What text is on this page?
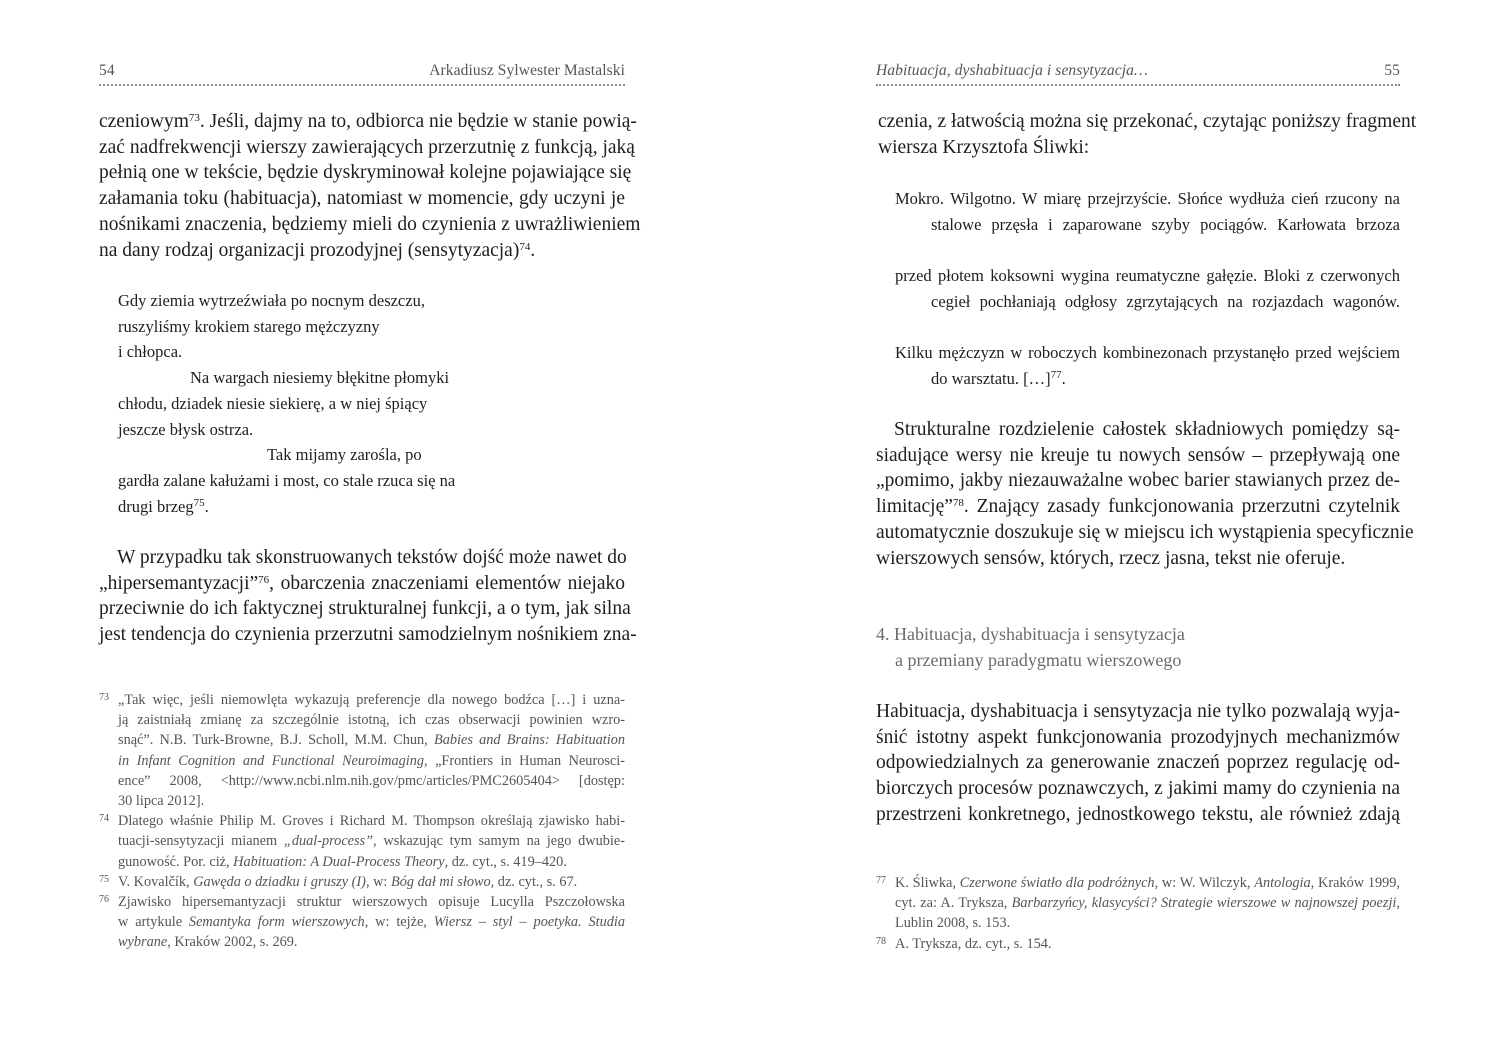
54	Arkadiusz Sylwester Mastalski
czeniowym$^{73}$. Jeśli, dajmy na to, odbiorca nie będzie w stanie powią-
zać nadfrekwencji wierszy zawierających przerzutnię z funkcją, jaką
pełnią one w tekście, będzie dyskryminował kolejne pojawiające się
załamania toku (habituacja), natomiast w momencie, gdy uczyni je
nośnikami znaczenia, będziemy mieli do czynienia z uwrażliwieniem
na dany rodzaj organizacji prozodyjnej (sensytyzacja)$^{74}$.
Gdy ziemia wytrzeźwiała po nocnym deszczu,
ruszyliśmy krokiem starego mężczyzny
i chłopca.
Na wargach niesiemy błękitne płomyki
chłodu, dziadek niesie siekierę, a w niej śpiący
jeszcze błysk ostrza.
Tak mijamy zarośla, po
gardła zalane kałużami i most, co stale rzuca się na
drugi brzeg$^{75}$.
W przypadku tak skonstruowanych tekstów dojść może nawet do
„hipersemantyzacji”$^{76}$, obarczenia znaczeniami elementów niejako
przeciwnie do ich faktycznej strukturalnej funkcji, a o tym, jak silna
jest tendencja do czynienia przerzutni samodzielnym nośnikiem zna-
73 „Tak więc, jeśli niemowlęta wykazują preferencje dla nowego bodźca […] i uzna-
ją zaistniałą zmianę za szczególnie istotną, ich czas obserwacji powinien wzro-
snąć”. N.B. Turk-Browne, B.J. Scholl, M.M. Chun, Babies and Brains: Habituation
in Infant Cognition and Functional Neuroimaging, „Frontiers in Human Neurosci-
ence” 2008, <http://www.ncbi.nlm.nih.gov/pmc/articles/PMC2605404> [dostęp:
30 lipca 2012].
74 Dlatego właśnie Philip M. Groves i Richard M. Thompson określają zjawisko habi-
tuacji-sensytyzacji mianem „dual-process”, wskazując tym samym na jego dwubie-
gunowość. Por. ciż, Habituation: A Dual-Process Theory, dz. cyt., s. 419–420.
75 V. Kovalčík, Gawęda o dziadku i gruszy (I), w: Bóg dał mi słowo, dz. cyt., s. 67.
76 Zjawisko hipersemantyzacji struktur wierszowych opisuje Lucylla Pszczołowska
w artykule Semantyka form wierszowych, w: tejże, Wiersz – styl – poetyka. Studia
wybrane, Kraków 2002, s. 269.
Habituacja, dyshabituacja i sensytyzacja…	55
czenia, z łatwością można się przekonać, czytając poniższy fragment
wiersza Krzysztofa Śliwki:
Mokro. Wilgotno. W miarę przejrzyście. Słońce wydłuża cień rzucony na
stalowe przęsła i zaparowane szyby pociągów. Karłowata brzoza
przed płotem koksowni wygina reumatyczne gałęzie. Bloki z czerwonych
cegieł pochłaniają odgłosy zgrzytających na rozjazdach wagonów.
Kilku mężczyzn w roboczych kombinezonach przystanęło przed wejściem
do warsztatu. […]$^{77}$.
Strukturalne rozdzielenie całostek składniowych pomiędzy są-
siadujące wersy nie kreuje tu nowych sensów – przepływają one
„pomimo, jakby niezauważalne wobec barier stawianych przez de-
limitację”$^{78}$. Znający zasady funkcjonowania przerzutni czytelnik
automatycznie doszukuje się w miejscu ich wystąpienia specyficznie
wierszowych sensów, których, rzecz jasna, tekst nie oferuje.
4. Habituacja, dyshabituacja i sensytyzacja
a przemiany paradygmatu wierszowego
Habituacja, dyshabituacja i sensytyzacja nie tylko pozwalają wyja-
śnić istotny aspekt funkcjonowania prozodyjnych mechanizmów
odpowiedzialnych za generowanie znaczeń poprzez regulację od-
biorczych procesów poznawczych, z jakimi mamy do czynienia na
przestrzeni konkretnego, jednostkowego tekstu, ale również zdają
77 K. Śliwka, Czerwone światło dla podróżnych, w: W. Wilczyk, Antologia, Kraków 1999,
cyt. za: A. Tryksza, Barbarzyńcy, klasycyści? Strategie wierszowe w najnowszej poezji,
Lublin 2008, s. 153.
78 A. Tryksza, dz. cyt., s. 154.
